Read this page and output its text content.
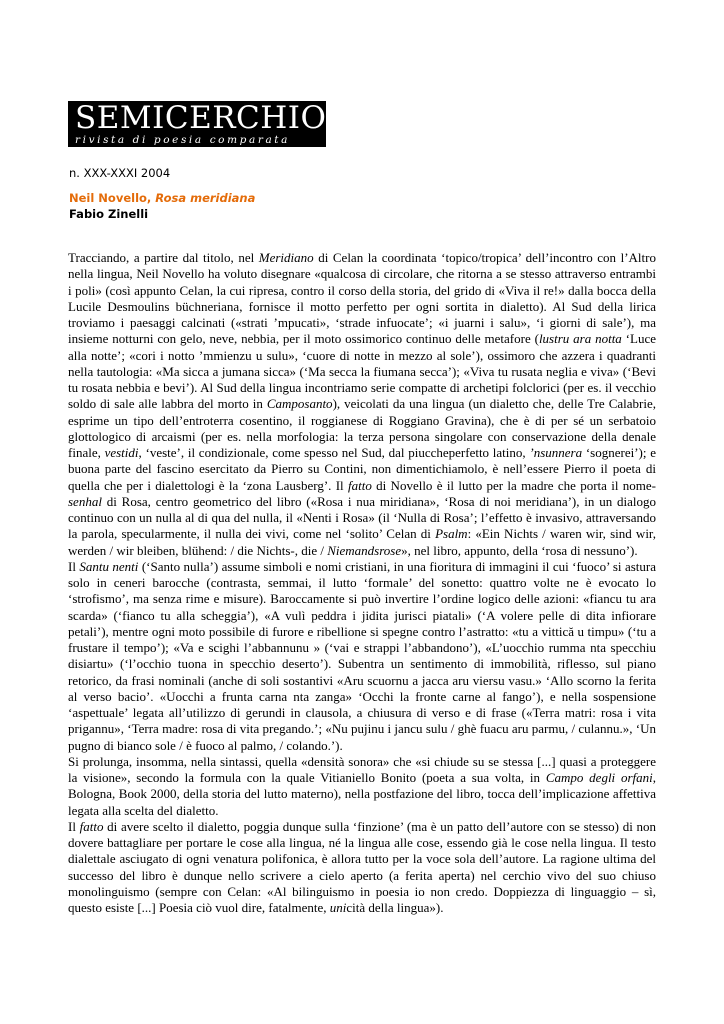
SEMICERCHIO
rivista di poesia comparata
n. XXX-XXXI 2004
Neil Novello, Rosa meridiana
Fabio Zinelli

Tracciando, a partire dal titolo, nel Meridiano di Celan la coordinata ‘topico/tropica’ dell’incontro con l’Altro nella lingua, Neil Novello ha voluto disegnare «qualcosa di circolare, che ritorna a se stesso attraverso entrambi i poli» (così appunto Celan, la cui ripresa, contro il corso della storia, del grido di «Viva il re!» dalla bocca della Lucile Desmoulins büchneriana, fornisce il motto perfetto per ogni sortita in dialetto). Al Sud della lirica troviamo i paesaggi calcinati («strati ’mpucati», ‘strade infuocate’; «i juarni i salu», ‘i giorni di sale’), ma insieme notturni con gelo, neve, nebbia, per il moto ossimorico continuo delle metafore (lustru ara notta ‘Luce alla notte’; «cori i notto ’mmienzu u sulu», ‘cuore di notte in mezzo al sole’), ossimoro che azzera i quadranti nella tautologia: «Ma sicca a jumana sicca» (‘Ma secca la fiumana secca’); «Viva tu rusata neglia e viva» (‘Bevi tu rosata nebbia e bevi’). Al Sud della lingua incontriamo serie compatte di archetipi folclorici (per es. il vecchio soldo di sale alle labbra del morto in Camposanto), veicolati da una lingua (un dialetto che, delle Tre Calabrie, esprime un tipo dell’entroterra cosentino, il roggianese di Roggiano Gravina), che è di per sé un serbatoio glottologico di arcaismi (per es. nella morfologia: la terza persona singolare con conservazione della denale finale, vestidi, ‘veste’, il condizionale, come spesso nel Sud, dal piuccheperfetto latino, ’nsunnera ‘sognerei’); e buona parte del fascino esercitato da Pierro su Contini, non dimentichiamolo, è nell’essere Pierro il poeta di quella che per i dialettologi è la ‘zona Lausberg’. Il fatto di Novello è il lutto per la madre che porta il nome-senhal di Rosa, centro geometrico del libro («Rosa i nua miridiana», ‘Rosa di noi meridiana’), in un dialogo continuo con un nulla al di qua del nulla, il «Nenti i Rosa» (il ‘Nulla di Rosa’; l’effetto è invasivo, attraversando la parola, specularmente, il nulla dei vivi, come nel ‘solito’ Celan di Psalm: «Ein Nichts / waren wir, sind wir, werden / wir bleiben, blühend: / die Nichts-, die / Niemandsrose», nel libro, appunto, della ‘rosa di nessuno’).

Il Santu nenti (‘Santo nulla’) assume simboli e nomi cristiani, in una fioritura di immagini il cui ‘fuoco’ si astura solo in ceneri barocche (contrasta, semmai, il lutto ‘formale’ del sonetto: quattro volte ne è evocato lo ‘strofismo’, ma senza rime e misure). Baroccamente si può invertire l’ordine logico delle azioni: «fiancu tu ara scarda» (‘fianco tu alla scheggia’), «A vulì peddra i jidita jurisci piatali» (‘A volere pelle di dita infiorare petali’), mentre ogni moto possibile di furore e ribellione si spegne contro l’astratto: «tu a vittică u timpu» (‘tu a frustare il tempo’); «Va e scighi l’abbannunu » (‘vai e strappi l’abbandono’), «L’uocchio rumma nta specchiu disiartu» (‘l’occhio tuona in specchio deserto’). Subentra un sentimento di immobilità, riflesso, sul piano retorico, da frasi nominali (anche di soli sostantivi «Aru scuornu a jacca aru viersu vasu.» ‘Allo scorno la ferita al verso bacio’. «Uocchi a frunta carna nta zanga» ‘Occhi la fronte carne al fango’), e nella sospensione ‘aspettuale’ legata all’utilizzo di gerundi in clausola, a chiusura di verso e di frase («Terra matri: rosa i vita prigannu», ‘Terra madre: rosa di vita pregando.’; «Nu pujinu i jancu sulu / ghè fuacu aru parmu, / culannu.», ‘Un pugno di bianco sole / è fuoco al palmo, / colando.’).

Si prolunga, insomma, nella sintassi, quella «densità sonora» che «si chiude su se stessa [...] quasi a proteggere la visione», secondo la formula con la quale Vitianiello Bonito (poeta a sua volta, in Campo degli orfani, Bologna, Book 2000, della storia del lutto materno), nella postfazione del libro, tocca dell’implicazione affettiva legata alla scelta del dialetto.

Il fatto di avere scelto il dialetto, poggia dunque sulla ‘finzione’ (ma è un patto dell’autore con se stesso) di non dovere battagliare per portare le cose alla lingua, né la lingua alle cose, essendo già le cose nella lingua. Il testo dialettale asciugato di ogni venatura polifonica, è allora tutto per la voce sola dell’autore. La ragione ultima del successo del libro è dunque nello scrivere a cielo aperto (a ferita aperta) nel cerchio vivo del suo chiuso monolinguismo (sempre con Celan: «Al bilinguismo in poesia io non credo. Doppiezza di linguaggio – sì, questo esiste [...] Poesia ciò vuol dire, fatalmente, unicità della lingua»).
